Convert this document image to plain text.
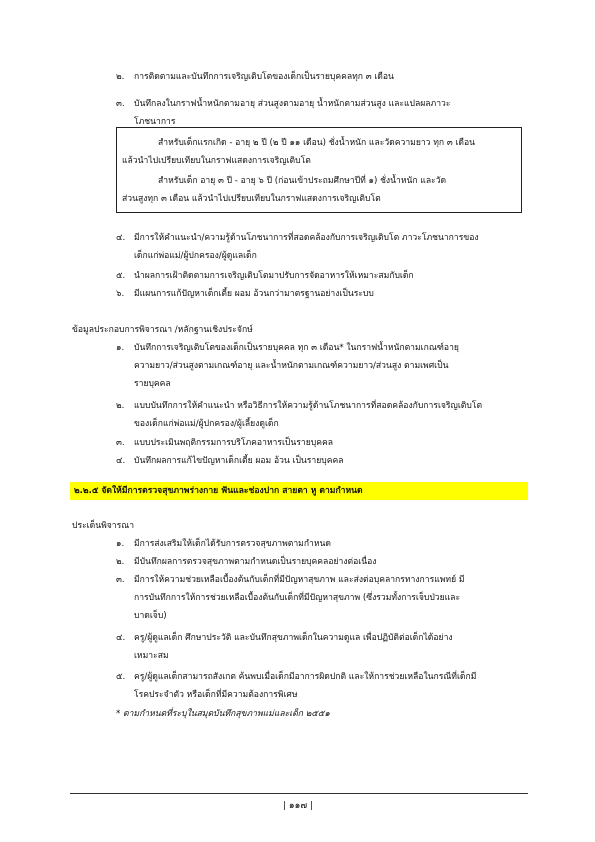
๒. การติดตามและบันทึกการเจริญเติบโตของเด็กเป็นรายบุคคลทุก ๓ เดือน
๓. บันทึกลงในกราฟน้ำหนักตามอายุ ส่วนสูงตามอายุ น้ำหนักตามส่วนสูง และแปลผลภาวะ
โภชนาการ
สำหรับเด็กแรกเกิด - อายุ ๒ ปี (๒ ปี ๑๑ เดือน) ชั่งน้ำหนัก และวัดความยาว ทุก ๓ เดือน
แล้วนำไปเปรียบเทียบในกราฟแสดงการเจริญเติบโต
สำหรับเด็ก อายุ ๓ ปี - อายุ ๖ ปี (ก่อนเข้าประถมศึกษาปีที่ ๑) ชั่งน้ำหนัก และวัด
ส่วนสูงทุก ๓ เดือน แล้วนำไปเปรียบเทียบในกราฟแสดงการเจริญเติบโต
๔. มีการให้คำแนะนำ/ความรู้ด้านโภชนาการที่สอดคล้องกับการเจริญเติบโต ภาวะโภชนาการของ
เด็กแก่พ่อแม่/ผู้ปกครอง/ผู้ดูแลเด็ก
๕. นำผลการเฝ้าติดตามการเจริญเติบโตมาปรับการจัดอาหารให้เหมาะสมกับเด็ก
๖. มีแผนการแก้ปัญหาเด็กเตี้ย ผอม อ้วนกว่ามาตรฐานอย่างเป็นระบบ
ข้อมูลประกอบการพิจารณา /หลักฐานเชิงประจักษ์
๑. บันทึกการเจริญเติบโตของเด็กเป็นรายบุคคล ทุก ๓ เดือน* ในกราฟน้ำหนักตามเกณฑ์อายุ
ความยาว/ส่วนสูงตามเกณฑ์อายุ และน้ำหนักตามเกณฑ์ความยาว/ส่วนสูง ตามเพศเป็น
รายบุคคล
๒. แบบบันทึกการให้คำแนะนำ หรือวิธีการให้ความรู้ด้านโภชนาการที่สอดคล้องกับการเจริญเติบโต
ของเด็กแก่พ่อแม่/ผู้ปกครอง/ผู้เลี้ยงดูเด็ก
๓. แบบประเมินพฤติกรรมการบริโภคอาหารเป็นรายบุคคล
๔. บันทึกผลการแก้ไขปัญหาเด็กเตี้ย ผอม อ้วน เป็นรายบุคคล
๒.๒.๕ จัดให้มีการตรวจสุขภาพร่างกาย ฟันและช่องปาก สายตา หู ตามกำหนด
ประเด็นพิจารณา
๑. มีการส่งเสริมให้เด็กได้รับการตรวจสุขภาพตามกำหนด
๒. มีบันทึกผลการตรวจสุขภาพตามกำหนดเป็นรายบุคคลอย่างต่อเนื่อง
๓. มีการให้ความช่วยเหลือเบื้องต้นกับเด็กที่มีปัญหาสุขภาพ และส่งต่อบุคลากรทางการแพทย์ มี
การบันทึกการให้การช่วยเหลือเบื้องต้นกับเด็กที่มีปัญหาสุขภาพ (ซึ่งรวมทั้งการเจ็บป่วยและ
บาดเจ็บ)
๔. ครู/ผู้ดูแลเด็ก ศึกษาประวัติ และบันทึกสุขภาพเด็กในความดูแล เพื่อปฏิบัติต่อเด็กได้อย่าง
เหมาะสม
๕. ครู/ผู้ดูแลเด็กสามารถสังเกต ค้นพบเมื่อเด็กมีอาการผิดปกติ และให้การช่วยเหลือในกรณีที่เด็กมี
โรคประจำตัว หรือเด็กที่มีความต้องการพิเศษ
* ตามกำหนดที่ระบุในสมุดบันทึกสุขภาพแม่และเด็ก ๒๕๕๑
| ๑๑๗ |
